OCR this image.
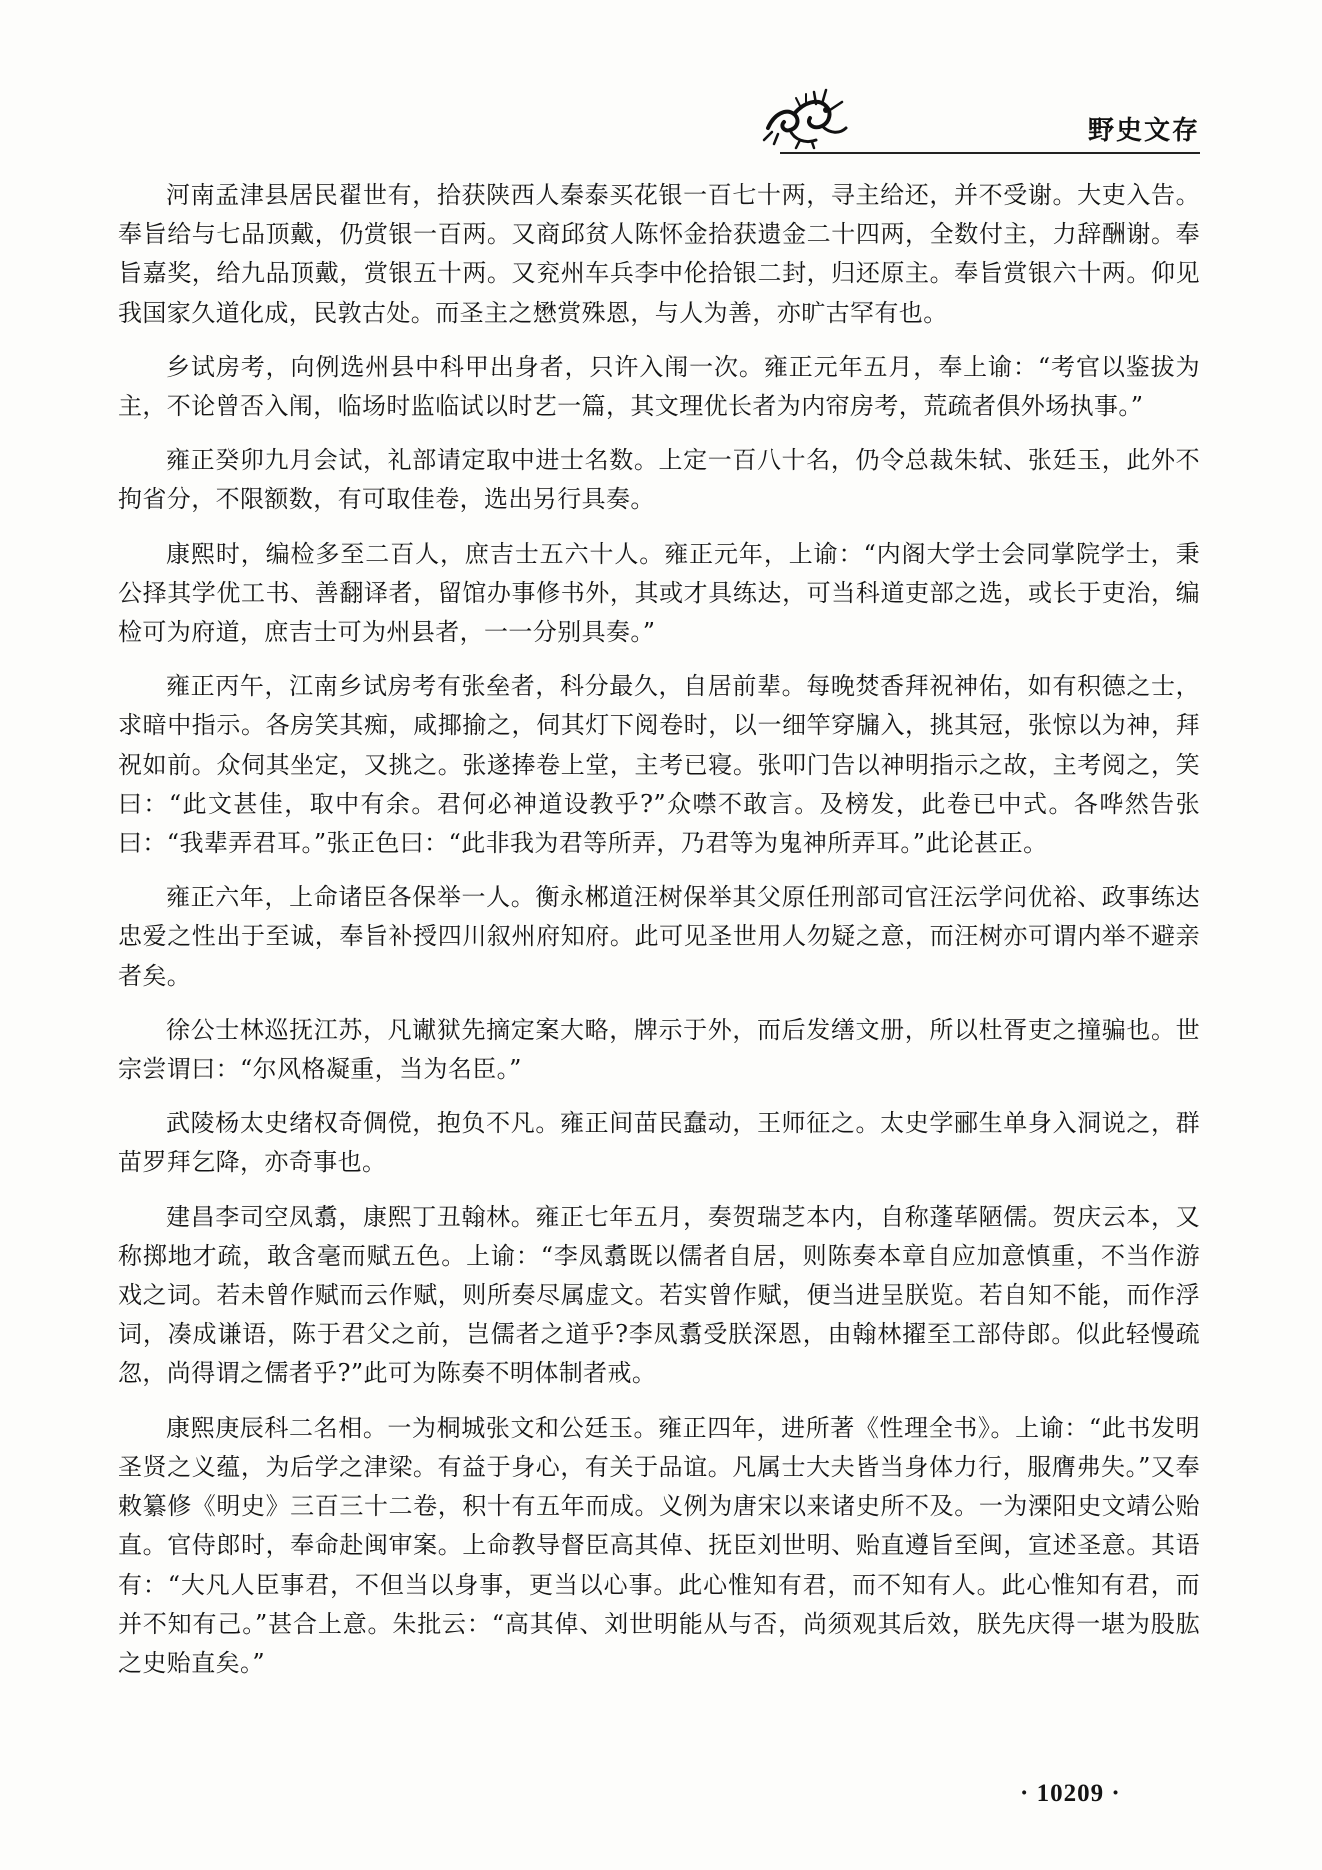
野史文存

河南孟津县居民翟世有，拾获陕西人秦泰买花银一百七十两，寻主给还，并不受谢。大吏入告。奉旨给与七品顶戴，仍赏银一百两。又商邱贫人陈怀金拾获遗金二十四两，全数付主，力辞酬谢。奉旨嘉奖，给九品顶戴，赏银五十两。又兖州车兵李中伦拾银二封，归还原主。奉旨赏银六十两。仰见我国家久道化成，民敦古处。而圣主之懋赏殊恩，与人为善，亦旷古罕有也。

乡试房考，向例选州县中科甲出身者，只许入闱一次。雍正元年五月，奉上谕：“考官以鉴拔为主，不论曾否入闱，临场时监临试以时艺一篇，其文理优长者为内帘房考，荒疏者俱外场执事。”

雍正癸卯九月会试，礼部请定取中进士名数。上定一百八十名，仍令总裁朱轼、张廷玉，此外不拘省分，不限额数，有可取佳卷，选出另行具奏。

康熙时，编检多至二百人，庶吉士五六十人。雍正元年，上谕：“内阁大学士会同掌院学士，秉公择其学优工书、善翻译者，留馆办事修书外，其或才具练达，可当科道吏部之选，或长于吏治，编检可为府道，庶吉士可为州县者，一一分别具奏。”

雍正丙午，江南乡试房考有张垒者，科分最久，自居前辈。每晚焚香拜祝神佑，如有积德之士，求暗中指示。各房笑其痴，咸揶揄之，伺其灯下阅卷时，以一细竿穿牖入，挑其冠，张惊以为神，拜祝如前。众伺其坐定，又挑之。张遂捧卷上堂，主考已寝。张叩门告以神明指示之故，主考阅之，笑曰：“此文甚佳，取中有余。君何必神道设教乎?”众噤不敢言。及榜发，此卷已中式。各哗然告张曰：“我辈弄君耳。”张正色曰：“此非我为君等所弄，乃君等为鬼神所弄耳。”此论甚正。

雍正六年，上命诸臣各保举一人。衡永郴道汪树保举其父原任刑部司官汪沄学问优裕、政事练达忠爱之性出于至诚，奉旨补授四川叙州府知府。此可见圣世用人勿疑之意，而汪树亦可谓内举不避亲者矣。

徐公士林巡抚江苏，凡谳狱先摘定案大略，牌示于外，而后发缮文册，所以杜胥吏之撞骗也。世宗尝谓曰：“尔风格凝重，当为名臣。”

武陵杨太史绪权奇倜傥，抱负不凡。雍正间苗民蠢动，王师征之。太史学郦生单身入洞说之，群苗罗拜乞降，亦奇事也。

建昌李司空凤翥，康熙丁丑翰林。雍正七年五月，奏贺瑞芝本内，自称蓬荜陋儒。贺庆云本，又称掷地才疏，敢含毫而赋五色。上谕：“李凤翥既以儒者自居，则陈奏本章自应加意慎重，不当作游戏之词。若未曾作赋而云作赋，则所奏尽属虚文。若实曾作赋，便当进呈朕览。若自知不能，而作浮词，凑成谦语，陈于君父之前，岂儒者之道乎?李凤翥受朕深恩，由翰林擢至工部侍郎。似此轻慢疏忽，尚得谓之儒者乎?”此可为陈奏不明体制者戒。

康熙庚辰科二名相。一为桐城张文和公廷玉。雍正四年，进所著《性理全书》。上谕：“此书发明圣贤之义蕴，为后学之津梁。有益于身心，有关于品谊。凡属士大夫皆当身体力行，服膺弗失。”又奉敕纂修《明史》三百三十二卷，积十有五年而成。义例为唐宋以来诸史所不及。一为溧阳史文靖公贻直。官侍郎时，奉命赴闽审案。上命教导督臣高其倬、抚臣刘世明、贻直遵旨至闽，宣述圣意。其语有：“大凡人臣事君，不但当以身事，更当以心事。此心惟知有君，而不知有人。此心惟知有君，而并不知有己。”甚合上意。朱批云：“高其倬、刘世明能从与否，尚须观其后效，朕先庆得一堪为股肱之史贻直矣。”

· 10209 ·
